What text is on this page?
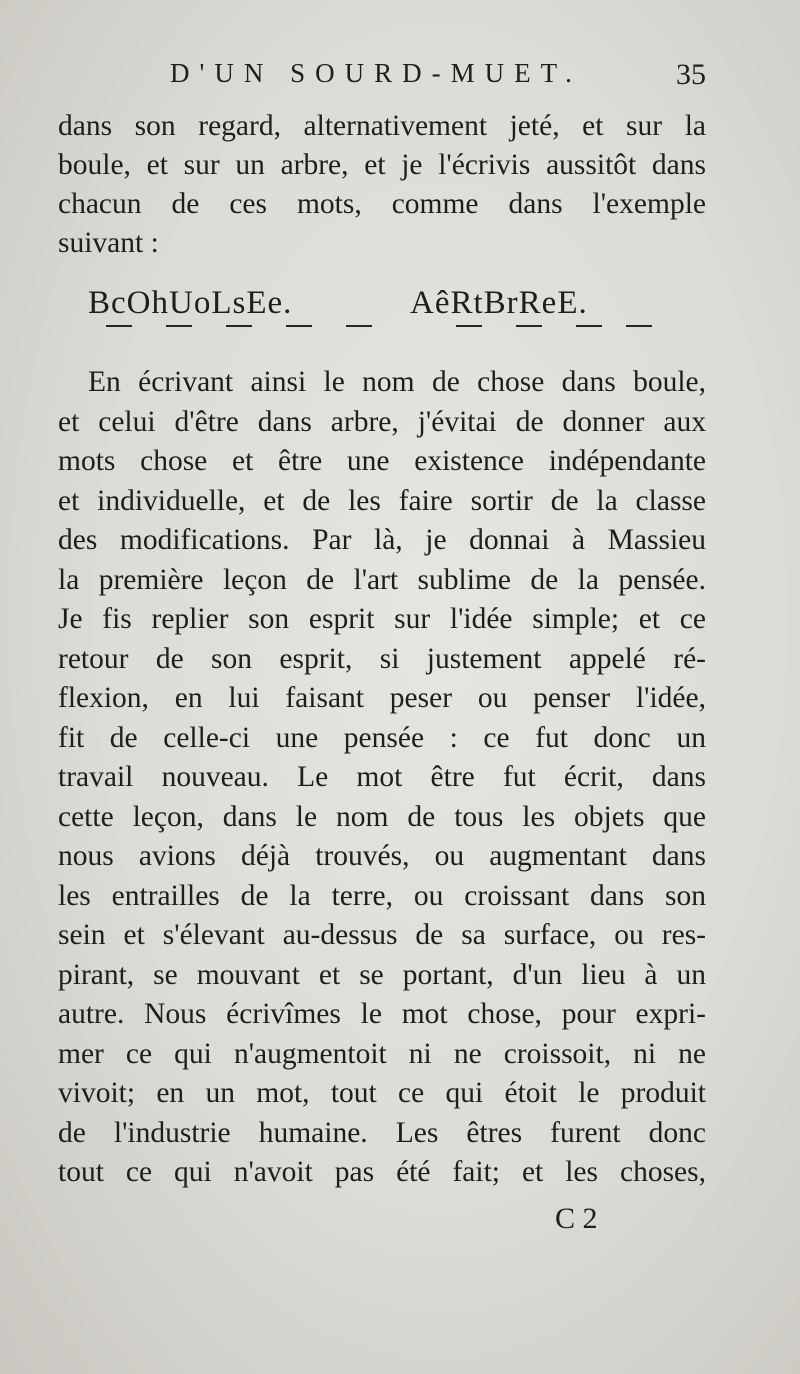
D'UN SOURD-MUET.	35
dans son regard, alternativement jeté, et sur la
boule, et sur un arbre, et je l'écrivis aussitôt dans
chacun de ces mots, comme dans l'exemple
suivant :
BcOhUoLsEe.	AêRtBrReE.
En écrivant ainsi le nom de chose dans boule,
et celui d'être dans arbre, j'évitai de donner aux
mots chose et être une existence indépendante
et individuelle, et de les faire sortir de la classe
des modifications. Par là, je donnai à Massieu
la première leçon de l'art sublime de la pensée.
Je fis replier son esprit sur l'idée simple; et ce
retour de son esprit, si justement appelé ré-
flexion, en lui faisant peser ou penser l'idée,
fit de celle-ci une pensée : ce fut donc un
travail nouveau. Le mot être fut écrit, dans
cette leçon, dans le nom de tous les objets que
nous avions déjà trouvés, ou augmentant dans
les entrailles de la terre, ou croissant dans son
sein et s'élevant au-dessus de sa surface, ou res-
pirant, se mouvant et se portant, d'un lieu à un
autre. Nous écrivîmes le mot chose, pour expri-
mer ce qui n'augmentoit ni ne croissoit, ni ne
vivoit; en un mot, tout ce qui étoit le produit
de l'industrie humaine. Les êtres furent donc
tout ce qui n'avoit pas été fait; et les choses,
C 2
